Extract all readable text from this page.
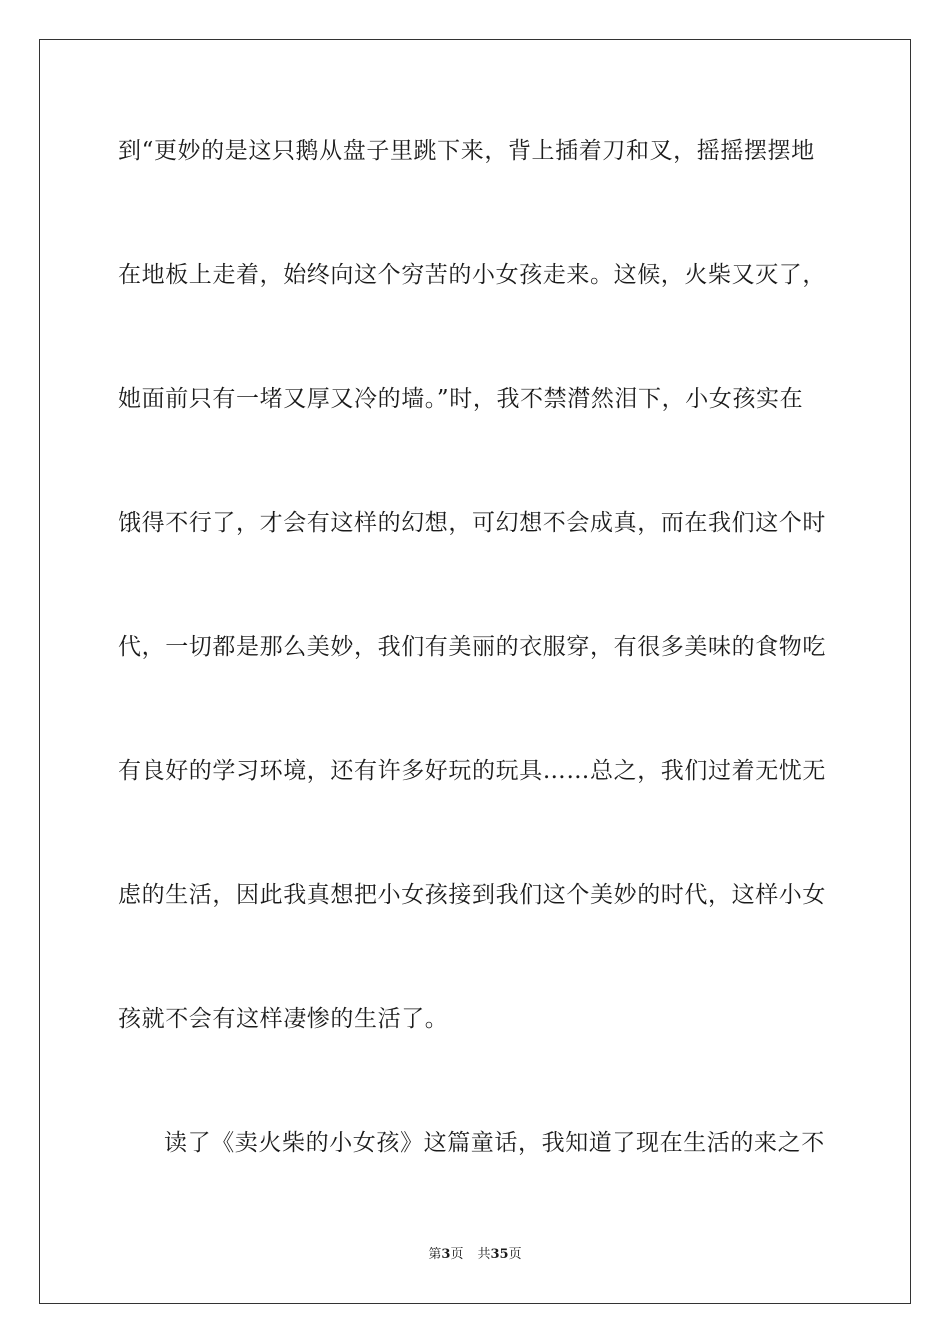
到“更妙的是这只鹅从盘子里跳下来，背上插着刀和叉，摇摇摆摆地
在地板上走着，始终向这个穷苦的小女孩走来。这候，火柴又灭了，
她面前只有一堵又厚又冷的墙。”时，我不禁潸然泪下，小女孩实在
饿得不行了，才会有这样的幻想，可幻想不会成真，而在我们这个时
代，一切都是那么美妙，我们有美丽的衣服穿，有很多美味的食物吃
有良好的学习环境，还有许多好玩的玩具……总之，我们过着无忧无
虑的生活，因此我真想把小女孩接到我们这个美妙的时代，这样小女
孩就不会有这样凄惨的生活了。
读了《卖火柴的小女孩》这篇童话，我知道了现在生活的来之不
第3页 共35页
